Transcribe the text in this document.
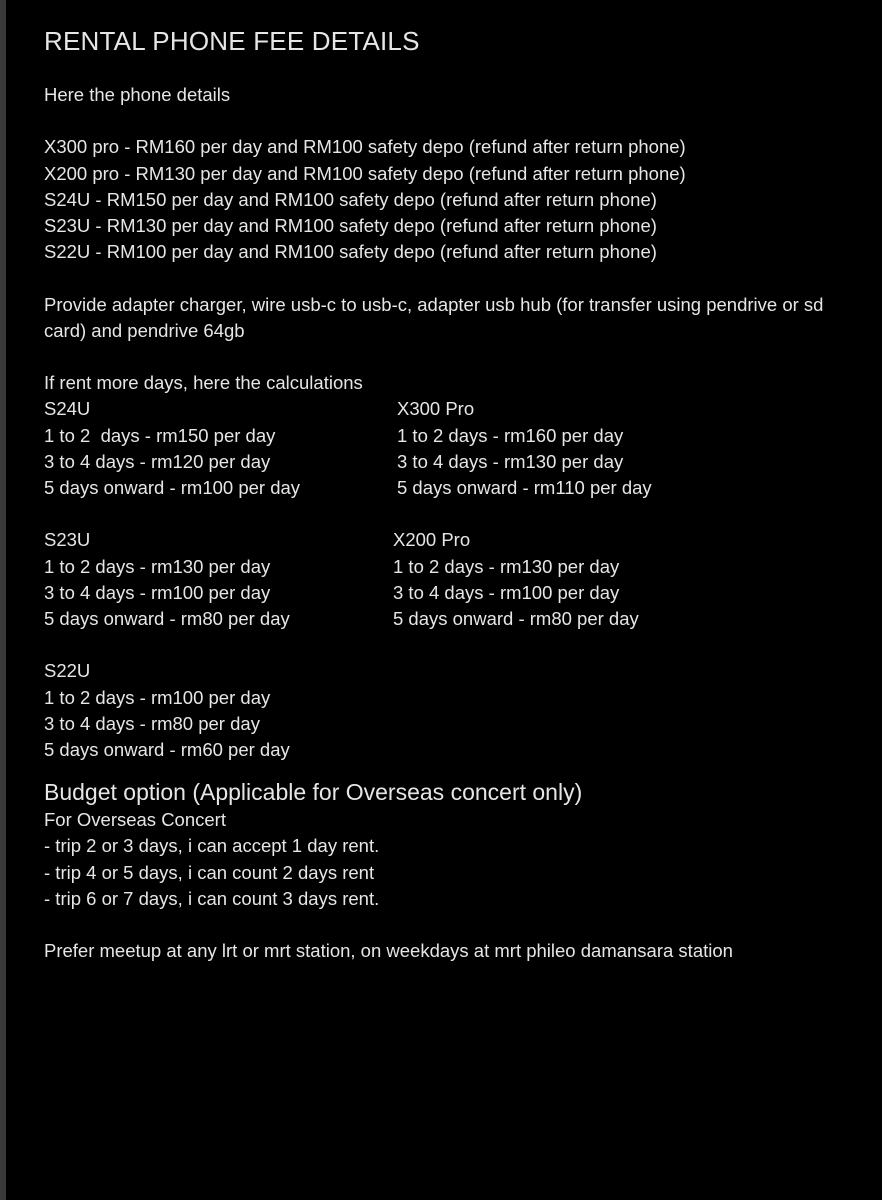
RENTAL PHONE FEE DETAILS
Here the phone details
X300 pro - RM160 per day and RM100 safety depo (refund after return phone)
X200 pro - RM130 per day and RM100 safety depo (refund after return phone)
S24U - RM150 per day and RM100 safety depo (refund after return phone)
S23U - RM130 per day and RM100 safety depo (refund after return phone)
S22U - RM100 per day and RM100 safety depo (refund after return phone)
Provide adapter charger, wire usb-c to usb-c, adapter usb hub (for transfer using pendrive or sd card) and pendrive 64gb
If rent more days, here the calculations
S24U
1 to 2  days - rm150 per day
3 to 4 days - rm120 per day
5 days onward - rm100 per day
X300 Pro
1 to 2 days - rm160 per day
3 to 4 days - rm130 per day
5 days onward - rm110 per day
S23U
1 to 2 days - rm130 per day
3 to 4 days - rm100 per day
5 days onward - rm80 per day
X200 Pro
1 to 2 days - rm130 per day
3 to 4 days - rm100 per day
5 days onward - rm80 per day
S22U
1 to 2 days - rm100 per day
3 to 4 days - rm80 per day
5 days onward - rm60 per day
Budget option (Applicable for Overseas concert only)
For Overseas Concert
- trip 2 or 3 days, i can accept 1 day rent.
- trip 4 or 5 days, i can count 2 days rent
- trip 6 or 7 days, i can count 3 days rent.
Prefer meetup at any lrt or mrt station, on weekdays at mrt phileo damansara station
